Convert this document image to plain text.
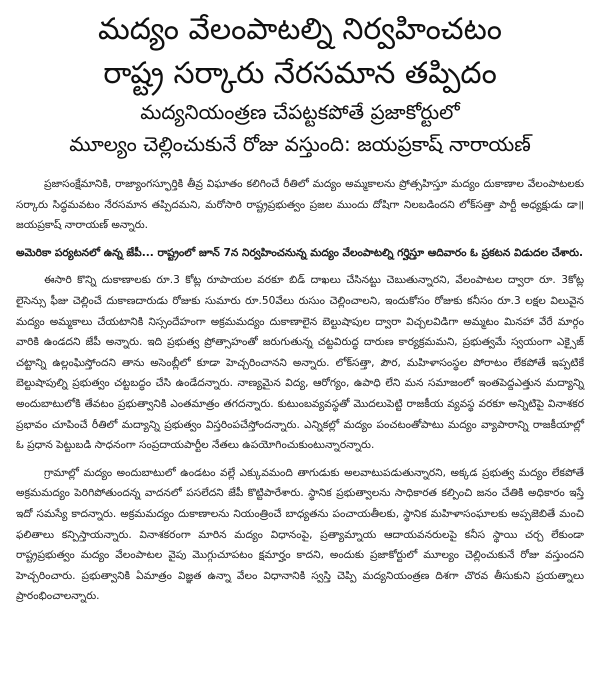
మద్యం వేలంపాటల్ని నిర్వహించటం
రాష్ట్ర సర్కారు నేరసమాన తప్పిదం
మద్యనియంత్రణ చేపట్టకపోతే ప్రజాకోర్టులో
మూల్యం చెల్లించుకునే రోజు వస్తుంది: జయప్రకాష్ నారాయణ్

ప్రజాసంక్షేమానికి, రాజ్యాంగస్ఫూర్తికి తీవ్ర విఘాతం కలిగించే రీతిలో మద్యం అమ్మకాలను ప్రోత్సహిస్తూ మద్యం దుకాణాల వేలంపాటలకు సర్కారు సిద్ధమవటం నేరసమాన తప్పిదమని, మరోసారి రాష్ట్రప్రభుత్వం ప్రజల ముందు దోషిగా నిలబడిందని లోక్‌సత్తా పార్టీ అధ్యక్షుడు డా॥ జయప్రకాష్ నారాయణ్ అన్నారు.

అమెరికా పర్యటనలో ఉన్న జేపీ... రాష్ట్రంలో జూన్ 7న నిర్వహించనున్న మద్యం వేలంపాటల్ని గర్హిస్తూ ఆదివారం ఓ ప్రకటన విడుదల చేశారు.

ఈసారి కొన్ని దుకాణాలకు రూ.3 కోట్ల రూపాయల వరకూ బిడ్ దాఖలు చేసినట్టు చెబుతున్నారని, వేలంపాటల ద్వారా రూ. 3కోట్ల లైసెన్సు ఫీజు చెల్లించే దుకాణదారుడు రోజుకు సుమారు రూ.50వేలు రుసుం చెల్లించాలని, ఇందుకోసం రోజుకు కనీసం రూ.3 లక్షల విలువైన మద్యం అమ్మకాలు చేయటానికి నిస్సందేహంగా అక్రమమద్యం దుకాణాలైన బెల్టుషాపుల ద్వారా విచ్చలవిడిగా అమ్మటం మినహా వేరే మార్గం వారికి ఉండదని జేపీ అన్నారు. ఇది ప్రభుత్వ ప్రోత్సాహంతో జరుగుతున్న చట్టవిరుద్ధ దారుణ కార్యక్రమమని, ప్రభుత్వమే స్వయంగా ఎక్సైజ్ చట్టాన్ని ఉల్లంఘిస్తోందని తాను అసెంబ్లీలో కూడా హెచ్చరించానని అన్నారు. లోక్‌సత్తా, పౌర, మహిళాసంస్థల పోరాటం లేకపోతే ఇప్పటికే బెల్టుషాపుల్ని ప్రభుత్వం చట్టబద్ధం చేసి ఉండేదన్నారు. నాణ్యమైన విద్య, ఆరోగ్యం, ఉపాధి లేని మన సమాజంలో ఇంతపెద్దఎత్తున మద్యాన్ని అందుబాటులోకి తేవటం ప్రభుత్వానికి ఎంతమాత్రం తగదన్నారు. కుటుంబవ్యవస్థతో మొదలుపెట్టి రాజకీయ వ్యవస్థ వరకూ అన్నిటిపై వినాశకర ప్రభావం చూపించే రీతిలో మద్యాన్ని ప్రభుత్వం విస్తరింపచేస్తోందన్నారు. ఎన్నికల్లో మద్యం పంచటంతోపాటు మద్యం వ్యాపారాన్ని రాజకీయాల్లో ఓ ప్రధాన పెట్టుబడి సాధనంగా సంప్రదాయపార్టీల నేతలు ఉపయోగించుకుంటున్నారన్నారు.

గ్రామాల్లో మద్యం అందుబాటులో ఉండటం వల్లే ఎక్కువమంది తాగుడుకు అలవాటుపడుతున్నారని, అక్కడ ప్రభుత్వ మద్యం లేకపోతే అక్రమమద్యం పెరిగిపోతుందన్న వాదనలో పసలేదని జేపీ కొట్టిపారేశారు. స్థానిక ప్రభుత్వాలను సాధికారత కల్పించి జనం చేతికి అధికారం ఇస్తే ఇదో సమస్యే కాదన్నారు. అక్రమమద్యం దుకాణాలను నియంత్రించే బాధ్యతను పంచాయతీలకు, స్థానిక మహిళాసంఘాలకు అప్పజెబితే మంచి ఫలితాలు కన్పిస్తాయన్నారు. వినాశకరంగా మారిన మద్యం విధానంపై, ప్రత్యామ్నాయ ఆదాయవనరులపై కనీస స్థాయి చర్చ లేకుండా రాష్ట్రప్రభుత్వం మద్యం వేలంపాటల వైపు మొగ్గుచూపటం క్షమార్హం కాదని, అందుకు ప్రజాకోర్టులో మూల్యం చెల్లించుకునే రోజు వస్తుందని హెచ్చరించారు. ప్రభుత్వానికి ఏమాత్రం విజ్ఞత ఉన్నా వేలం విధానానికి స్వస్తి చెప్పి మద్యనియంత్రణ దిశగా చొరవ తీసుకుని ప్రయత్నాలు ప్రారంభించాలన్నారు.
